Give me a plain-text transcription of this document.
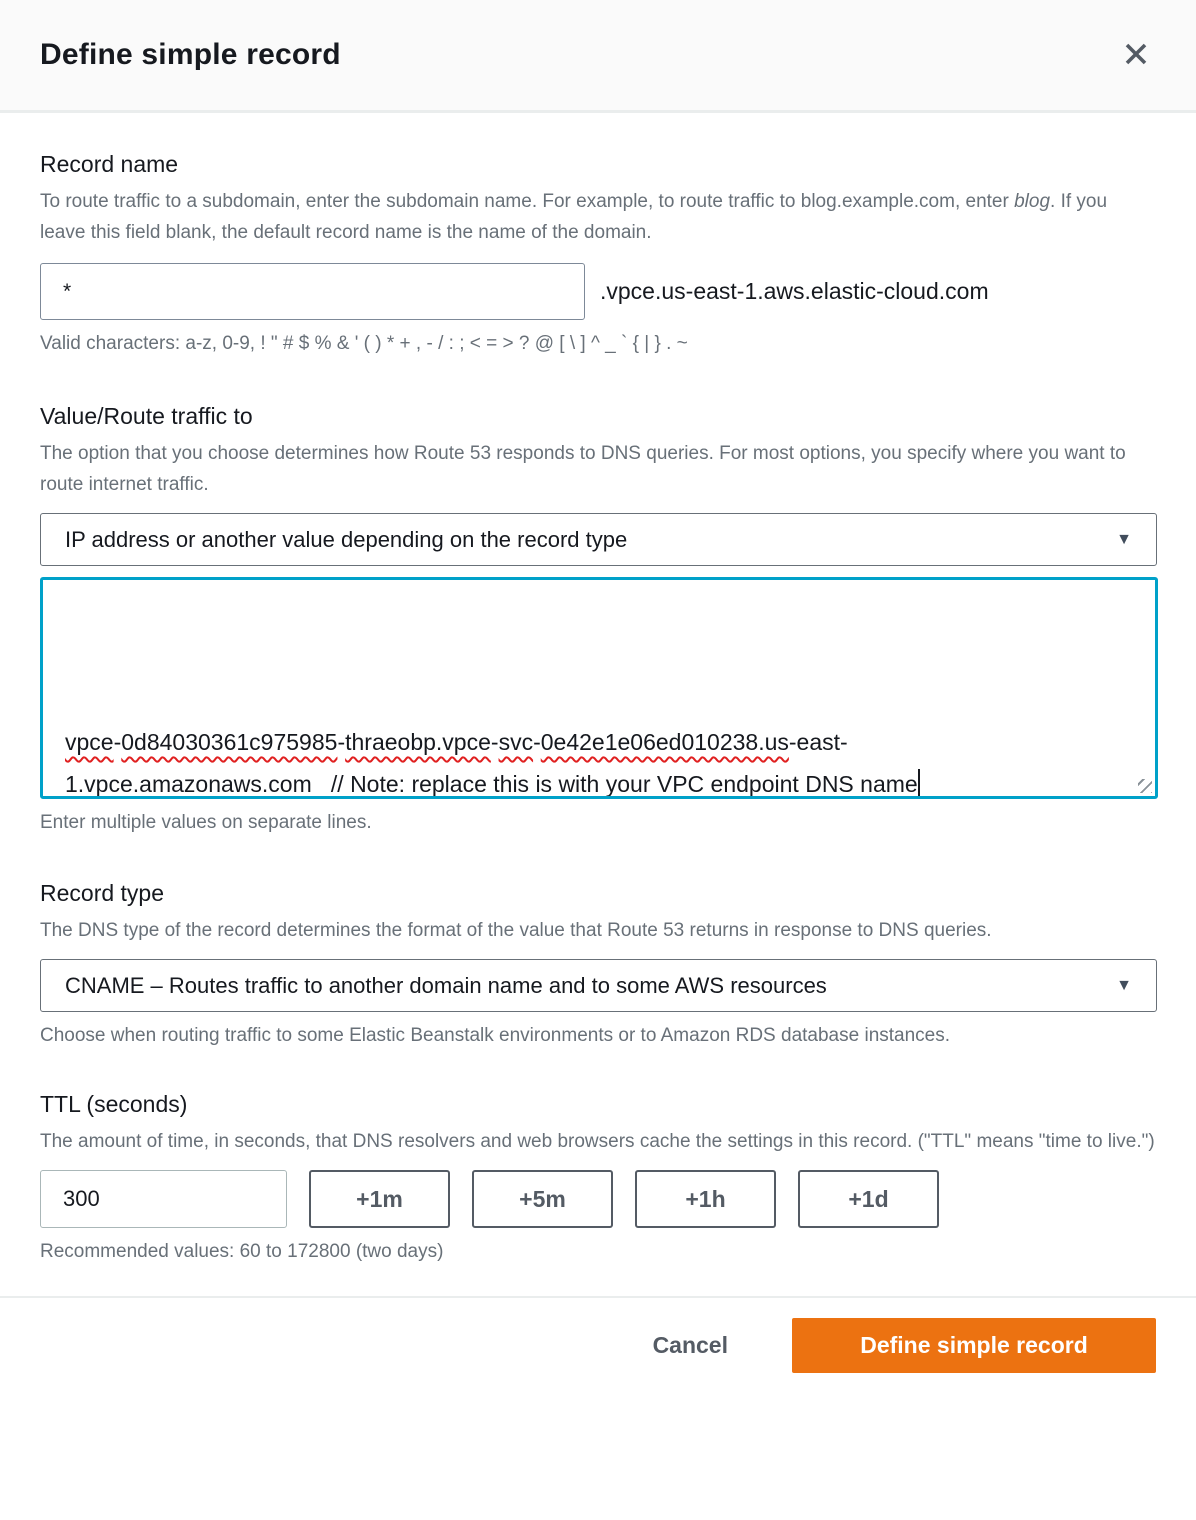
Define simple record
Record name
To route traffic to a subdomain, enter the subdomain name. For example, to route traffic to blog.example.com, enter blog. If you leave this field blank, the default record name is the name of the domain.
*
.vpce.us-east-1.aws.elastic-cloud.com
Valid characters: a-z, 0-9, ! " # $ % & ' ( ) * + , - / : ; < = > ? @ [ \ ] ^ _ ` { | } . ~
Value/Route traffic to
The option that you choose determines how Route 53 responds to DNS queries. For most options, you specify where you want to route internet traffic.
IP address or another value depending on the record type	▼

vpce-0d84030361c975985-thraeobp.vpce-svc-0e42e1e06ed010238.us-east-
1.vpce.amazonaws.com   // Note: replace this is with your VPC endpoint DNS name
Enter multiple values on separate lines.
Record type
The DNS type of the record determines the format of the value that Route 53 returns in response to DNS queries.
CNAME – Routes traffic to another domain name and to some AWS resources	▼
Choose when routing traffic to some Elastic Beanstalk environments or to Amazon RDS database instances.
TTL (seconds)
The amount of time, in seconds, that DNS resolvers and web browsers cache the settings in this record. ("TTL" means "time to live.")
300
+1m	+5m	+1h	+1d
Recommended values: 60 to 172800 (two days)
Cancel	Define simple record
